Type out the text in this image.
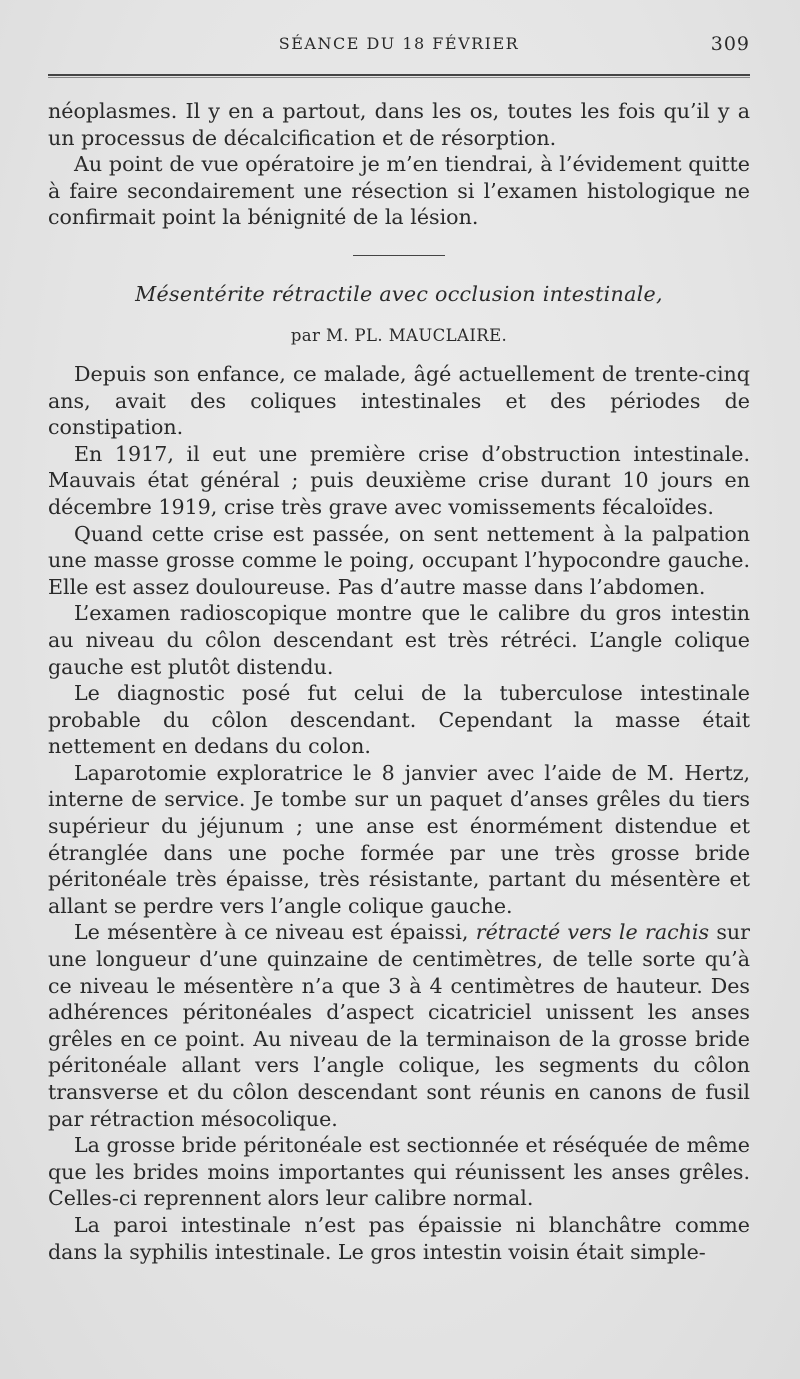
SÉANCE DU 18 FÉVRIER	309

néoplasmes. Il y en a partout, dans les os, toutes les fois qu’il y a un processus de décalcification et de résorption.

Au point de vue opératoire je m’en tiendrai, à l’évidement quitte à faire secondairement une résection si l’examen histologique ne confirmait point la bénignité de la lésion.

Mésentérite rétractile avec occlusion intestinale,
par M. PL. MAUCLAIRE.

Depuis son enfance, ce malade, âgé actuellement de trente-cinq ans, avait des coliques intestinales et des périodes de constipation.

En 1917, il eut une première crise d’obstruction intestinale. Mauvais état général ; puis deuxième crise durant 10 jours en décembre 1919, crise très grave avec vomissements fécaloïdes.

Quand cette crise est passée, on sent nettement à la palpation une masse grosse comme le poing, occupant l’hypocondre gauche. Elle est assez douloureuse. Pas d’autre masse dans l’abdomen.

L’examen radioscopique montre que le calibre du gros intestin au niveau du côlon descendant est très rétréci. L’angle colique gauche est plutôt distendu.

Le diagnostic posé fut celui de la tuberculose intestinale probable du côlon descendant. Cependant la masse était nettement en dedans du colon.

Laparotomie exploratrice le 8 janvier avec l’aide de M. Hertz, interne de service. Je tombe sur un paquet d’anses grêles du tiers supérieur du jéjunum ; une anse est énormément distendue et étranglée dans une poche formée par une très grosse bride péritonéale très épaisse, très résistante, partant du mésentère et allant se perdre vers l’angle colique gauche.

Le mésentère à ce niveau est épaissi, rétracté vers le rachis sur une longueur d’une quinzaine de centimètres, de telle sorte qu’à ce niveau le mésentère n’a que 3 à 4 centimètres de hauteur. Des adhérences péritonéales d’aspect cicatriciel unissent les anses grêles en ce point. Au niveau de la terminaison de la grosse bride péritonéale allant vers l’angle colique, les segments du côlon transverse et du côlon descendant sont réunis en canons de fusil par rétraction mésocolique.

La grosse bride péritonéale est sectionnée et réséquée de même que les brides moins importantes qui réunissent les anses grêles. Celles-ci reprennent alors leur calibre normal.

La paroi intestinale n’est pas épaissie ni blanchâtre comme dans la syphilis intestinale. Le gros intestin voisin était simple-
